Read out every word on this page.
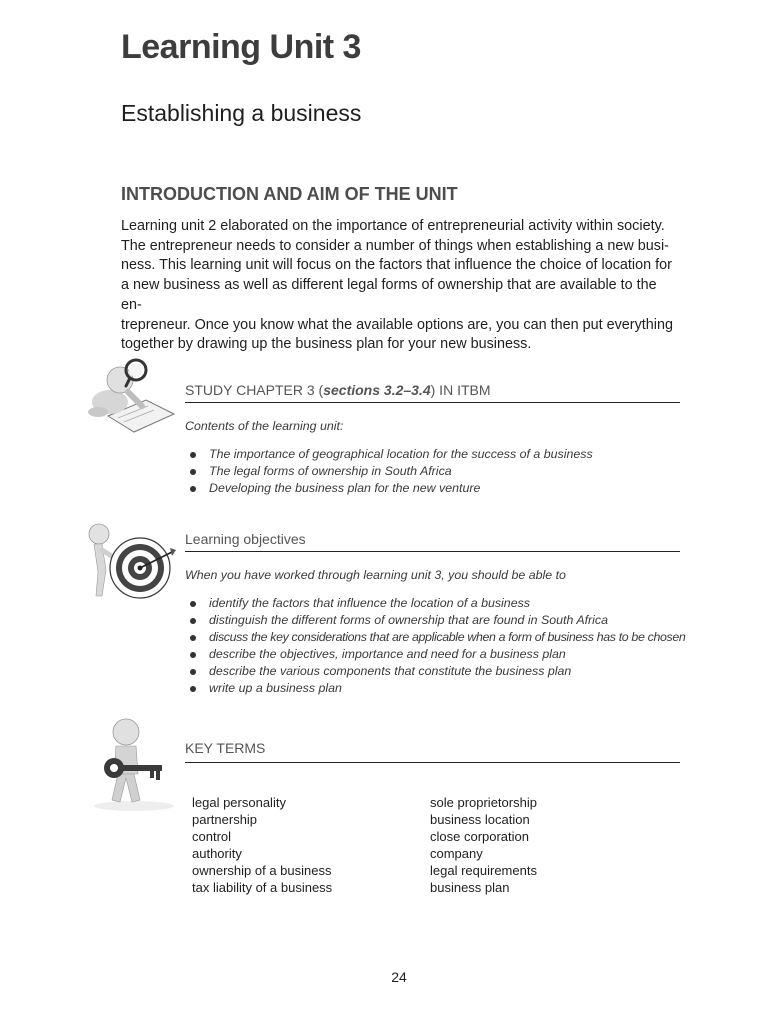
Learning Unit 3
Establishing a business
INTRODUCTION AND AIM OF THE UNIT

Learning unit 2 elaborated on the importance of entrepreneurial activity within society.

The entrepreneur needs to consider a number of things when establishing a new busi-

ness. This learning unit will focus on the factors that influence the choice of location for

a new business as well as different legal forms of ownership that are available to the en-

trepreneur. Once you know what the available options are, you can then put everything

together by drawing up the business plan for your new business.

STUDY CHAPTER 3 (sections 3.2–3.4) IN ITBM
Contents of the learning unit:
The importance of geographical location for the success of a business
The legal forms of ownership in South Africa
Developing the business plan for the new venture
Learning objectives
When you have worked through learning unit 3, you should be able to
identify the factors that influence the location of a business
distinguish the different forms of ownership that are found in South Africa
discuss the key considerations that are applicable when a form of business has to be chosen
describe the objectives, importance and need for a business plan
describe the various components that constitute the business plan
write up a business plan
KEY TERMS
legal personality
partnership
control
authority
ownership of a business
tax liability of a business
sole proprietorship
business location
close corporation
company
legal requirements
business plan
24
